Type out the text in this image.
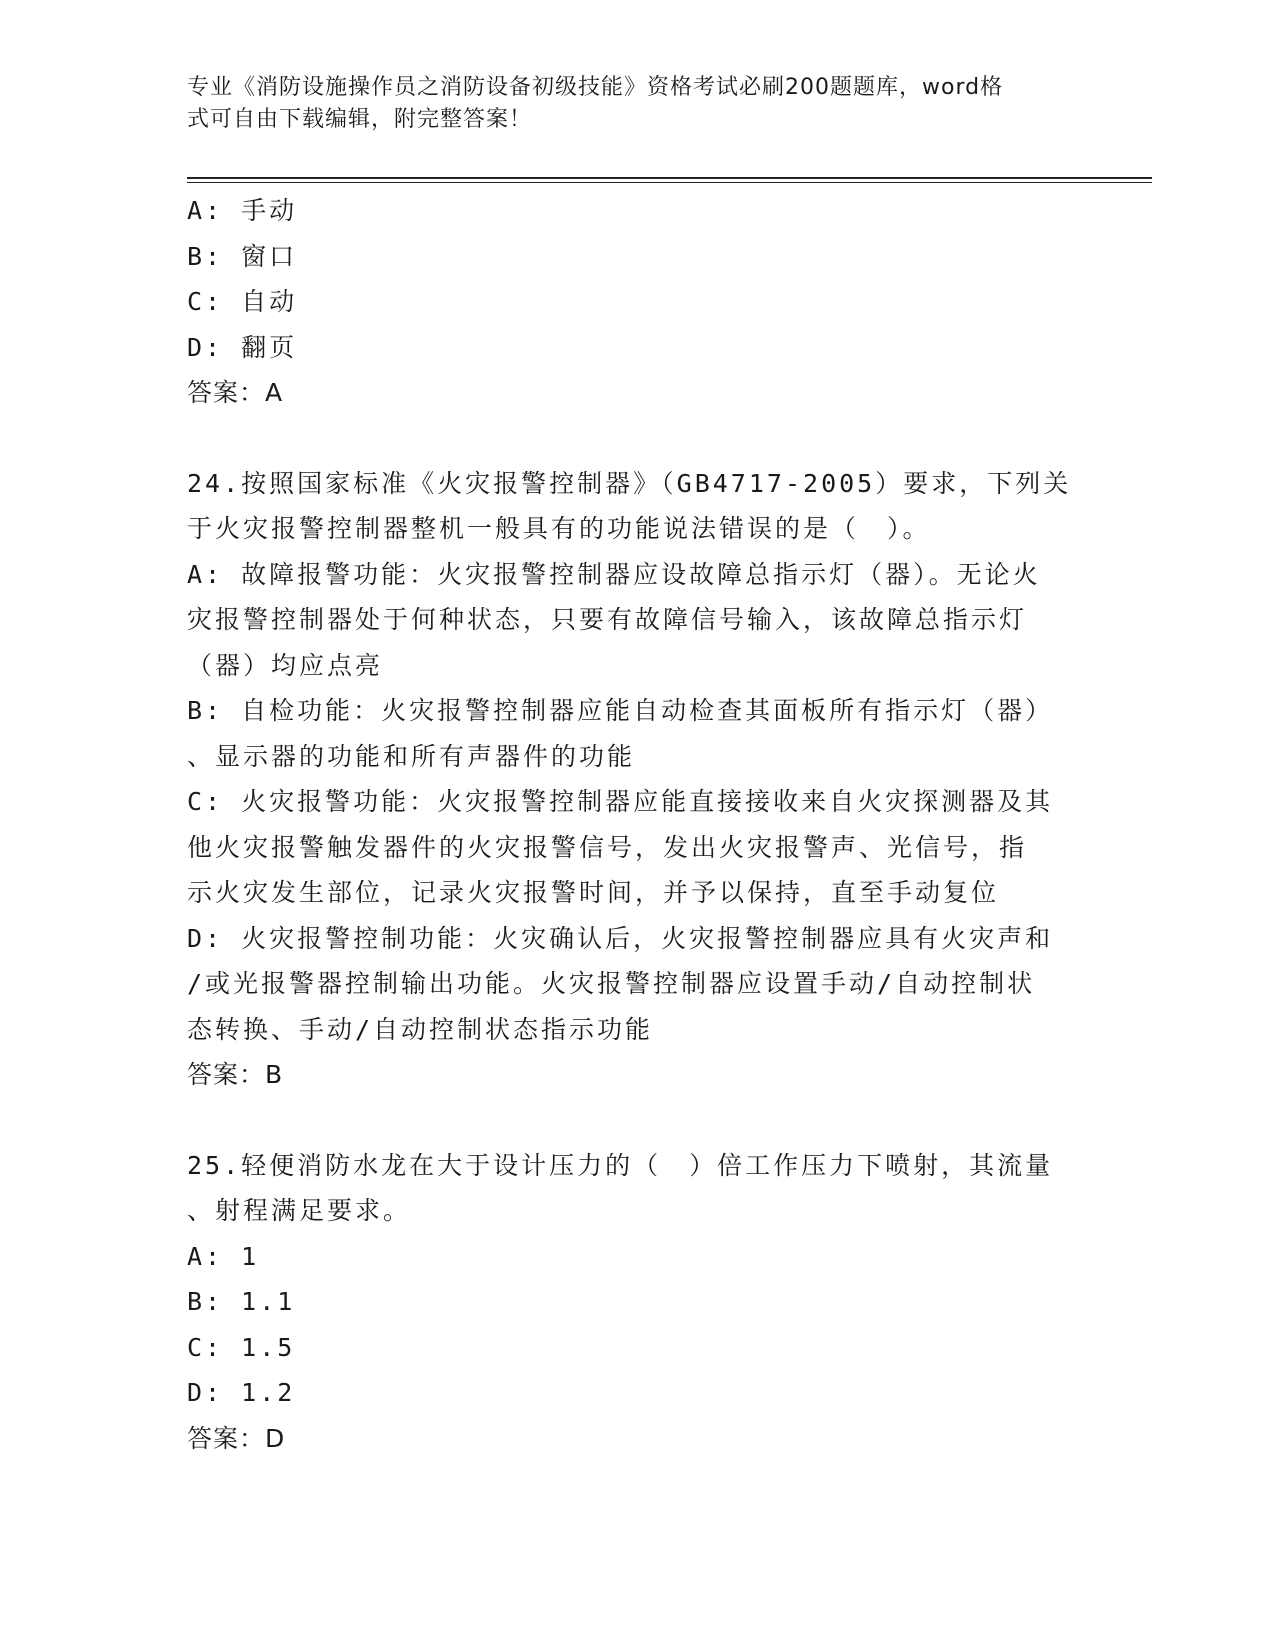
专业《消防设施操作员之消防设备初级技能》资格考试必刷200题题库，word格

式可自由下载编辑，附完整答案！

A: 手动

B: 窗口

C: 自动

D: 翻页

答案：A

24.按照国家标准《火灾报警控制器》（GB4717-2005）要求，下列关

于火灾报警控制器整机一般具有的功能说法错误的是（　）。

A: 故障报警功能：火灾报警控制器应设故障总指示灯（器）。无论火

灾报警控制器处于何种状态，只要有故障信号输入，该故障总指示灯

（器）均应点亮

B: 自检功能：火灾报警控制器应能自动检查其面板所有指示灯（器）

、显示器的功能和所有声器件的功能

C: 火灾报警功能：火灾报警控制器应能直接接收来自火灾探测器及其

他火灾报警触发器件的火灾报警信号，发出火灾报警声、光信号，指

示火灾发生部位，记录火灾报警时间，并予以保持，直至手动复位

D: 火灾报警控制功能：火灾确认后，火灾报警控制器应具有火灾声和

/或光报警器控制输出功能。火灾报警控制器应设置手动/自动控制状

态转换、手动/自动控制状态指示功能

答案：B

25.轻便消防水龙在大于设计压力的（　）倍工作压力下喷射，其流量

、射程满足要求。

A: 1

B: 1.1

C: 1.5

D: 1.2

答案：D
